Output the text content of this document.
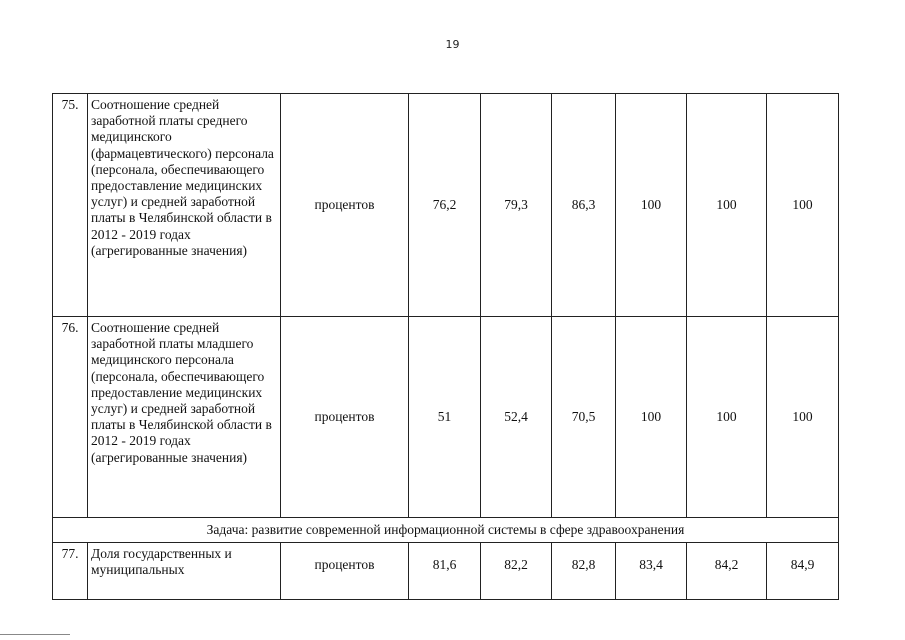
19
75.	Соотношение средней заработной платы среднего медицинского (фармацевтического) персонала (персонала, обеспечивающего предоставление медицинских услуг) и средней заработной платы в Челябинской области в 2012 - 2019 годах (агрегированные значения)	процентов	76,2	79,3	86,3	100	100	100
76.	Соотношение средней заработной платы младшего медицинского персонала (персонала, обеспечивающего предоставление медицинских услуг) и средней заработной платы в Челябинской области в 2012 - 2019 годах (агрегированные значения)	процентов	51	52,4	70,5	100	100	100
Задача: развитие современной информационной системы в сфере здравоохранения								
77.	Доля государственных и муниципальных	процентов	81,6	82,2	82,8	83,4	84,2	84,9
